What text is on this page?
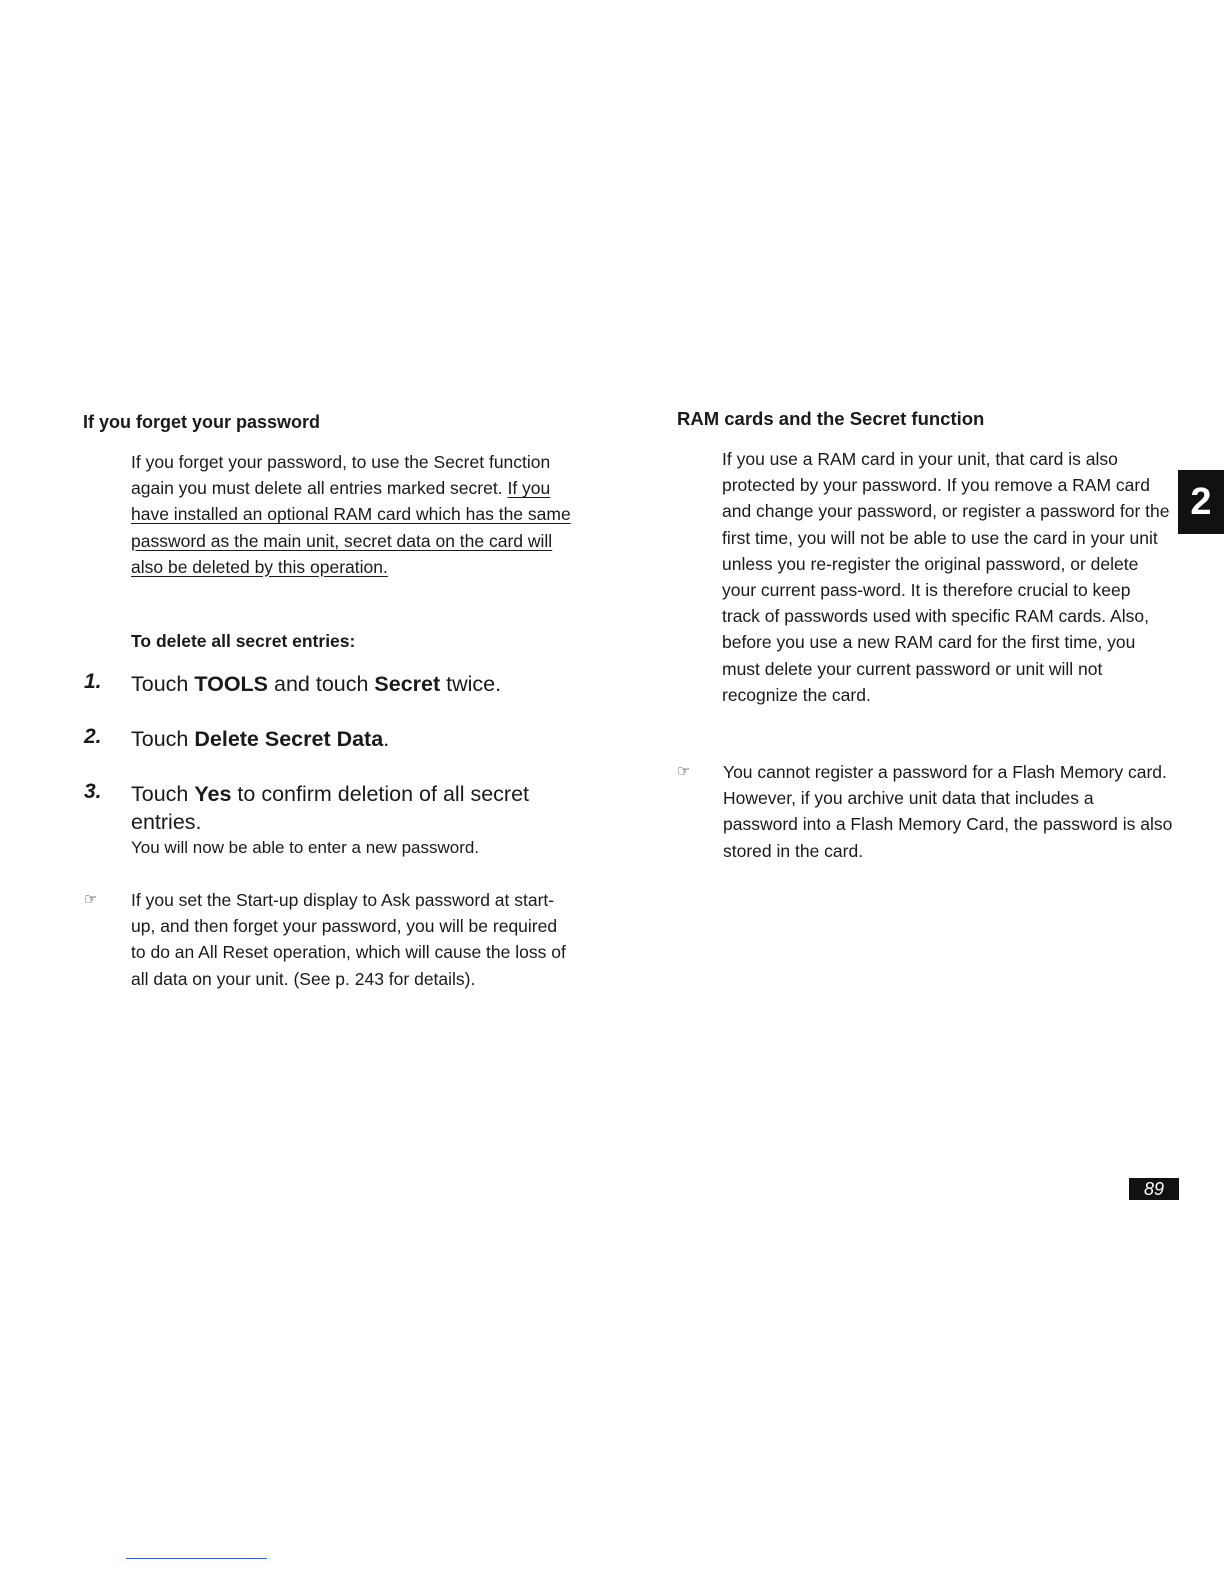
If you forget your password
If you forget your password, to use the Secret function again you must delete all entries marked secret. If you have installed an optional RAM card which has the same password as the main unit, secret data on the card will also be deleted by this operation.
To delete all secret entries:
1. Touch TOOLS and touch Secret twice.
2. Touch Delete Secret Data.
3. Touch Yes to confirm deletion of all secret entries.
You will now be able to enter a new password.
☞ If you set the Start-up display to Ask password at start-up, and then forget your password, you will be required to do an All Reset operation, which will cause the loss of all data on your unit. (See p. 243 for details).
RAM cards and the Secret function
If you use a RAM card in your unit, that card is also protected by your password. If you remove a RAM card and change your password, or register a password for the first time, you will not be able to use the card in your unit unless you re-register the original password, or delete your current pass-word. It is therefore crucial to keep track of passwords used with specific RAM cards. Also, before you use a new RAM card for the first time, you must delete your current password or unit will not recognize the card.
☞ You cannot register a password for a Flash Memory card. However, if you archive unit data that includes a password into a Flash Memory Card, the password is also stored in the card.
2
89
